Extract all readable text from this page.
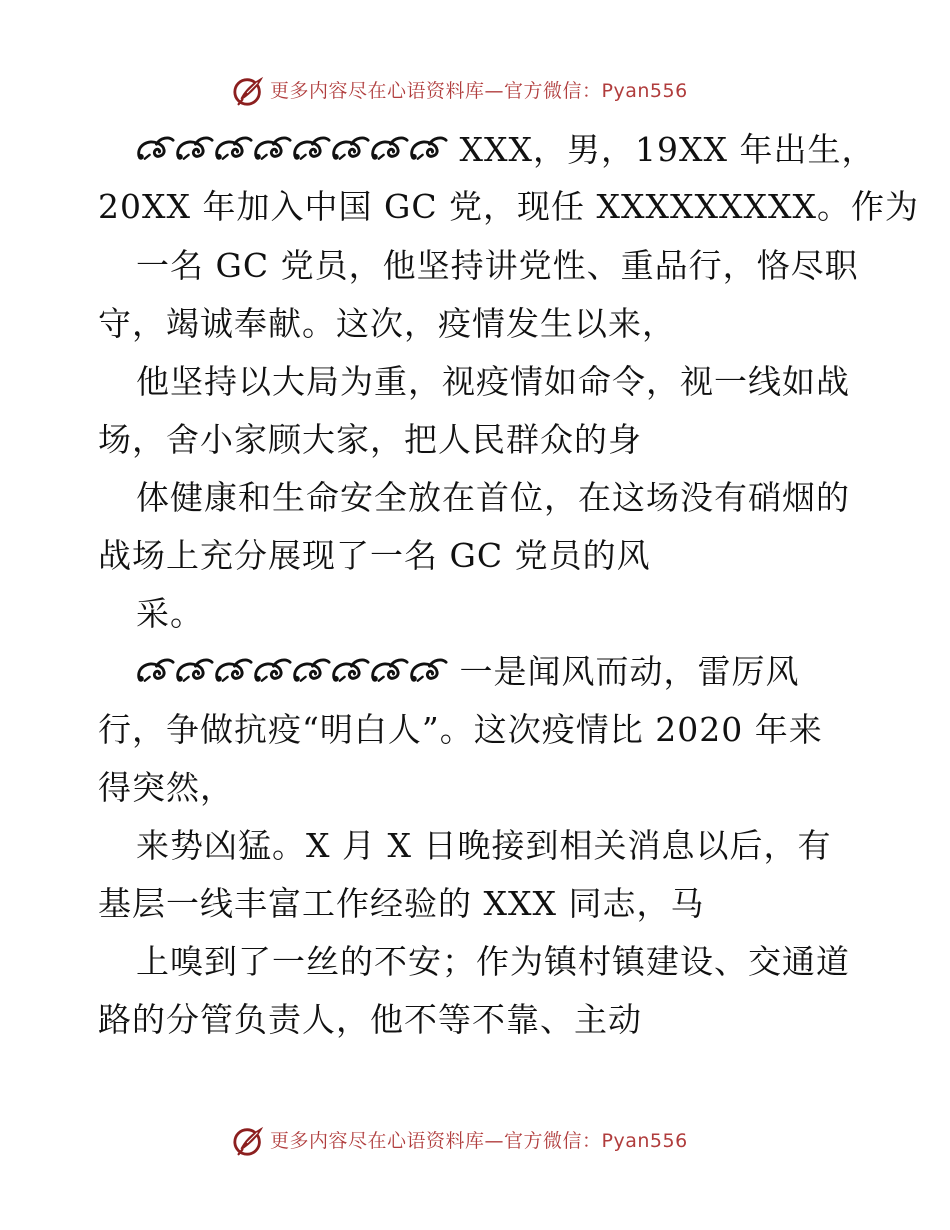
更多内容尽在心语资料库—官方微信：Pyan556
XXX，男，19XX 年出生，
20XX 年加入中国 GC 党，现任 XXXXXXXXX。作为
一名 GC 党员，他坚持讲党性、重品行，恪尽职
守，竭诚奉献。这次，疫情发生以来，
他坚持以大局为重，视疫情如命令，视一线如战
场，舍小家顾大家，把人民群众的身
体健康和生命安全放在首位，在这场没有硝烟的
战场上充分展现了一名 GC 党员的风
采。
一是闻风而动，雷厉风
行，争做抗疫“明白人”。这次疫情比 2020 年来
得突然，
来势凶猛。X 月 X 日晚接到相关消息以后，有
基层一线丰富工作经验的 XXX 同志，马
上嗅到了一丝的不安；作为镇村镇建设、交通道
路的分管负责人，他不等不靠、主动
更多内容尽在心语资料库—官方微信：Pyan556
